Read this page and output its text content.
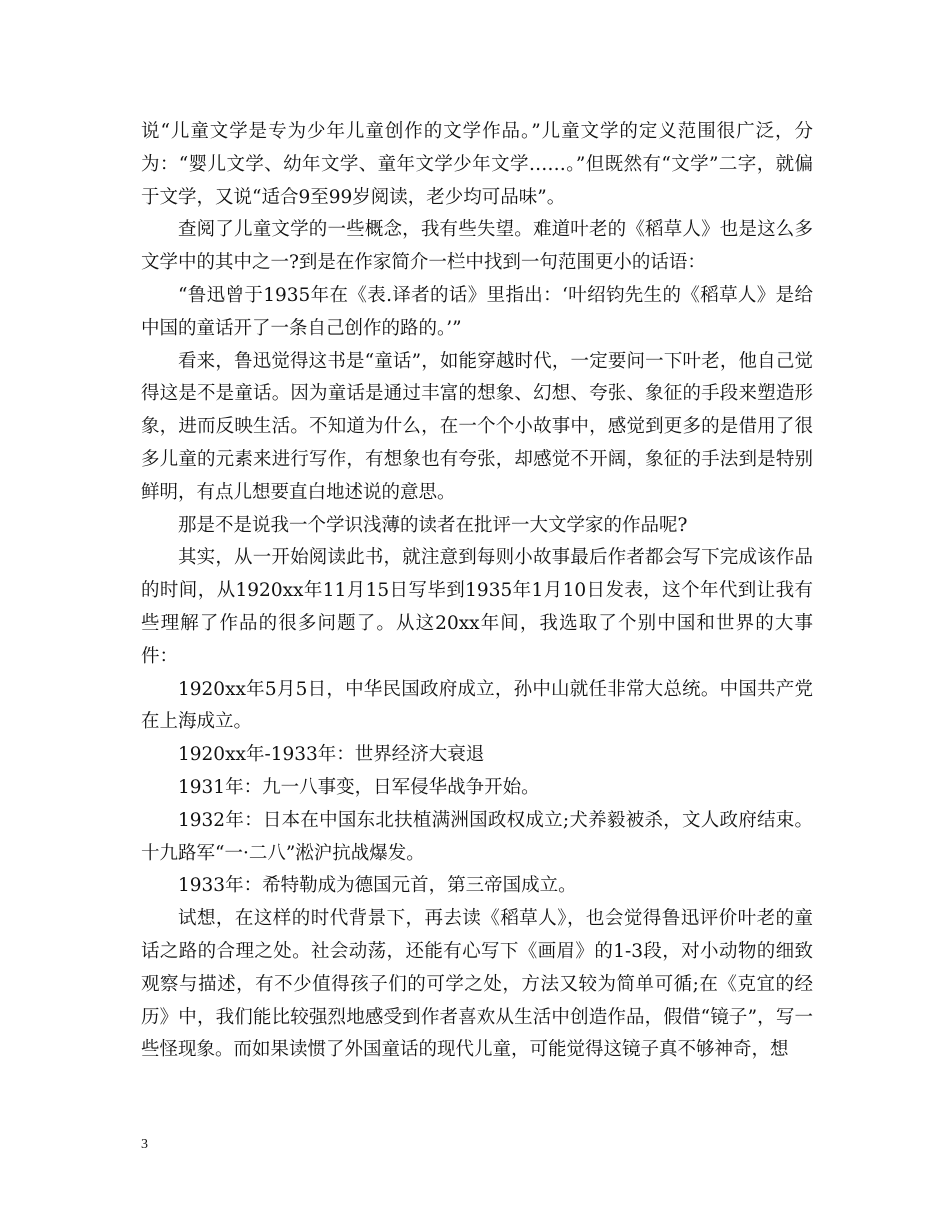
说“儿童文学是专为少年儿童创作的文学作品。”儿童文学的定义范围很广泛，分为：“婴儿文学、幼年文学、童年文学少年文学……。”但既然有“文学”二字，就偏于文学，又说“适合9至99岁阅读，老少均可品味”。

查阅了儿童文学的一些概念，我有些失望。难道叶老的《稻草人》也是这么多文学中的其中之一?到是在作家简介一栏中找到一句范围更小的话语：

“鲁迅曾于1935年在《表.译者的话》里指出：‘叶绍钧先生的《稻草人》是给中国的童话开了一条自己创作的路的。’”

看来，鲁迅觉得这书是“童话”，如能穿越时代，一定要问一下叶老，他自己觉得这是不是童话。因为童话是通过丰富的想象、幻想、夸张、象征的手段来塑造形象，进而反映生活。不知道为什么，在一个个小故事中，感觉到更多的是借用了很多儿童的元素来进行写作，有想象也有夸张，却感觉不开阔，象征的手法到是特别鲜明，有点儿想要直白地述说的意思。

那是不是说我一个学识浅薄的读者在批评一大文学家的作品呢?

其实，从一开始阅读此书，就注意到每则小故事最后作者都会写下完成该作品的时间，从1920xx年11月15日写毕到1935年1月10日发表，这个年代到让我有些理解了作品的很多问题了。从这20xx年间，我选取了个别中国和世界的大事件：

1920xx年5月5日，中华民国政府成立，孙中山就任非常大总统。中国共产党在上海成立。

1920xx年-1933年：世界经济大衰退

1931年：九一八事变，日军侵华战争开始。

1932年：日本在中国东北扶植满洲国政权成立;犬养毅被杀，文人政府结束。十九路军“一·二八”淞沪抗战爆发。

1933年：希特勒成为德国元首，第三帝国成立。

试想，在这样的时代背景下，再去读《稻草人》，也会觉得鲁迅评价叶老的童话之路的合理之处。社会动荡，还能有心写下《画眉》的1-3段，对小动物的细致观察与描述，有不少值得孩子们的可学之处，方法又较为简单可循;在《克宜的经历》中，我们能比较强烈地感受到作者喜欢从生活中创造作品，假借“镜子”，写一些怪现象。而如果读惯了外国童话的现代儿童，可能觉得这镜子真不够神奇，想

3
